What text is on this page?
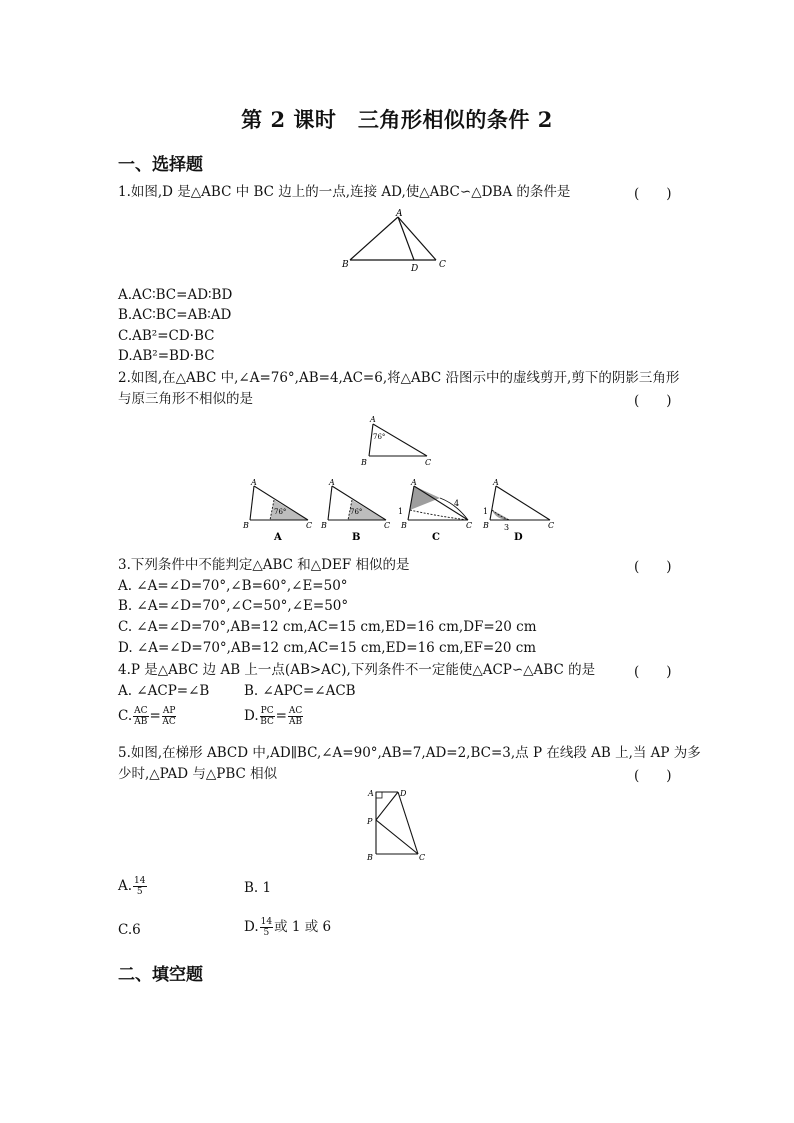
第 2 课时　三角形相似的条件 2
一、选择题
1.如图,D 是△ABC 中 BC 边上的一点,连接 AD,使△ABC∽△DBA 的条件是	(　　)
A
B	D C
A.AC∶BC=AD∶BD
B.AC∶BC=AB∶AD
C.AB²=CD·BC
D.AB²=BD·BC
2.如图,在△ABC 中,∠A=76°,AB=4,AC=6,将△ABC 沿图示中的虚线剪开,剪下的阴影三角形
与原三角形不相似的是	(　　)
A
B	C
76°
A
B	C
76°
A
A
B	C
76°
B
A
B	C
1
4
C
A
B	C
1
3
D
3.下列条件中不能判定△ABC 和△DEF 相似的是	(　　)
A. ∠A=∠D=70°,∠B=60°,∠E=50°
B. ∠A=∠D=70°,∠C=50°,∠E=50°
C. ∠A=∠D=70°,AB=12 cm,AC=15 cm,ED=16 cm,DF=20 cm
D. ∠A=∠D=70°,AB=12 cm,AC=15 cm,ED=16 cm,EF=20 cm
4.P 是△ABC 边 AB 上一点(AB>AC),下列条件不一定能使△ACP∽△ABC 的是	(　　)
A. ∠ACP=∠B	B. ∠APC=∠ACB
C. $\frac{AC}{AB} = \frac{AP}{AC}$	D. $\frac{PC}{BC} = \frac{AC}{AB}$
5.如图,在梯形 ABCD 中,AD∥BC,∠A=90°,AB=7,AD=2,BC=3,点 P 在线段 AB 上,当 AP 为多
少时,△PAD 与△PBC 相似	(　　)
A	D
P
B	C
A. $\frac{14}{5}$	B. 1
C.6	D. $\frac{14}{5}$ 或 1 或 6
二、填空题
